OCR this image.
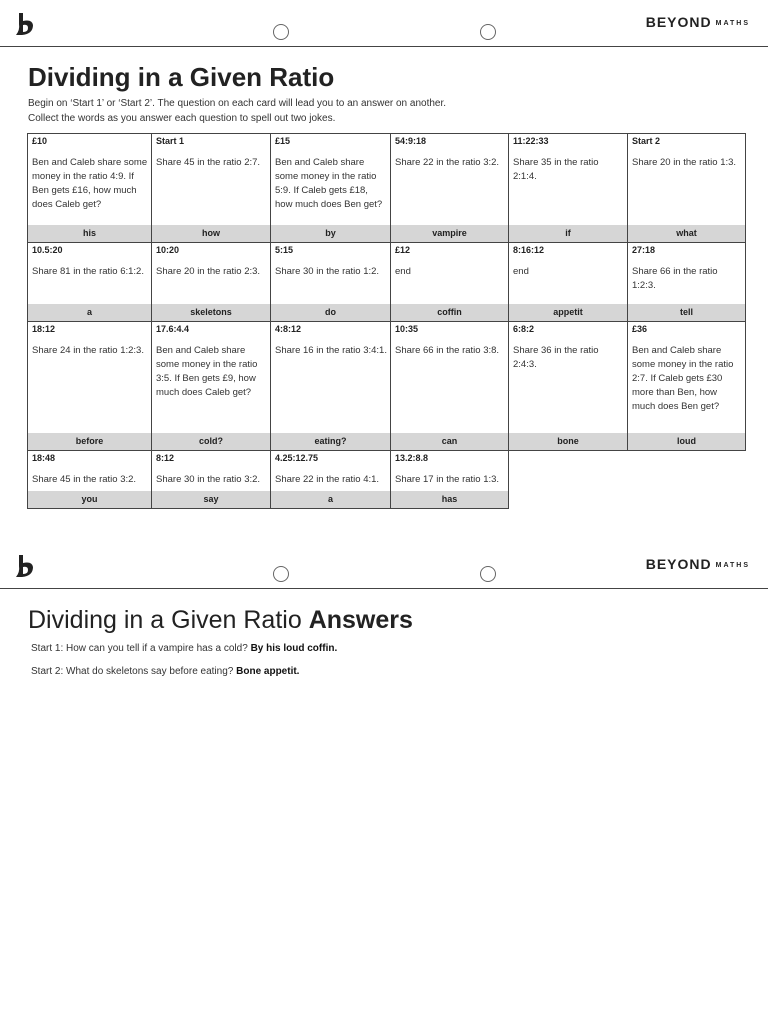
BEYOND $^{MATHS}$
Dividing in a Given Ratio
Begin on ‘Start 1’ or ‘Start 2’. The question on each card will lead you to an answer on another.
Collect the words as you answer each question to spell out two jokes.
£10
Ben and Caleb share some money in the ratio 4:9. If Ben gets £16, how much does Caleb get?
his
Start 1
Share 45 in the ratio 2:7.
how
£15
Ben and Caleb share some money in the ratio 5:9. If Caleb gets £18, how much does Ben get?
by
54:9:18
Share 22 in the ratio 3:2.
vampire
11:22:33
Share 35 in the ratio 2:1:4.
if
Start 2
Share 20 in the ratio 1:3.
what
10.5:20
Share 81 in the ratio 6:1:2.
a
10:20
Share 20 in the ratio 2:3.
skeletons
5:15
Share 30 in the ratio 1:2.
do
£12
end
coffin
8:16:12
end
appetit
27:18
Share 66 in the ratio 1:2:3.
tell
18:12
Share 24 in the ratio 1:2:3.
before
17.6:4.4
Ben and Caleb share some money in the ratio 3:5. If Ben gets £9, how much does Caleb get?
cold?
4:8:12
Share 16 in the ratio 3:4:1.
eating?
10:35
Share 66 in the ratio 3:8.
can
6:8:2
Share 36 in the ratio 2:4:3.
bone
£36
Ben and Caleb share some money in the ratio 2:7. If Caleb gets £30 more than Ben, how much does Ben get?
loud
18:48
Share 45 in the ratio 3:2.
you
8:12
Share 30 in the ratio 3:2.
say
4.25:12.75
Share 22 in the ratio 4:1.
a
13.2:8.8
Share 17 in the ratio 1:3.
has
BEYOND $^{MATHS}$
Dividing in a Given Ratio Answers
Start 1: How can you tell if a vampire has a cold? By his loud coffin.
Start 2: What do skeletons say before eating? Bone appetit.
